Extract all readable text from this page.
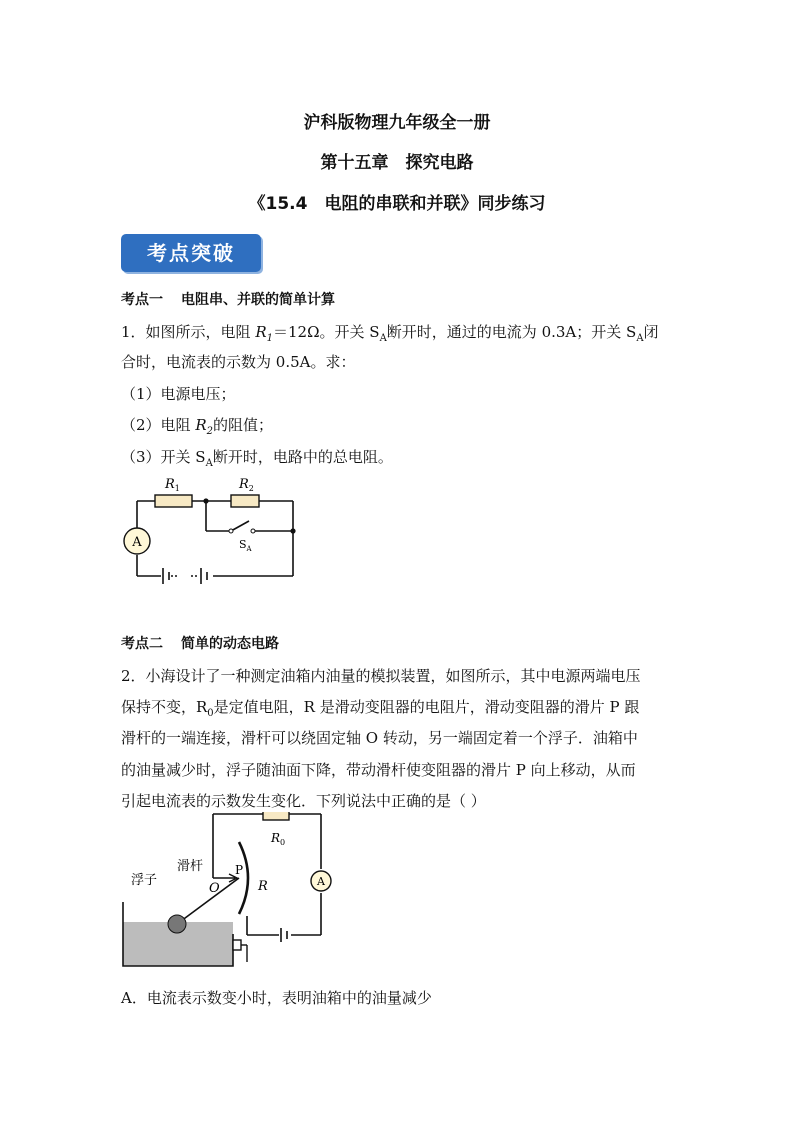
沪科版物理九年级全一册
第十五章　探究电路
《15.4　电阻的串联和并联》同步练习
考点突破
考点一 电阻串、并联的简单计算
1．如图所示，电阻 $R_1=12\Omega$。开关 $S_A$断开时，通过的电流为 0.3A；开关 $S_A$闭
合时，电流表的示数为 0.5A。求：
（1）电源电压；
（2）电阻 $R_2$的阻值；
（3）开关 $S_A$断开时，电路中的总电阻。
A
$R_1$	$R_2$
$S_A$
考点二 简单的动态电路
2．小海设计了一种测定油箱内油量的模拟装置，如图所示，其中电源两端电压
保持不变，$R_0$是定值电阻，R 是滑动变阻器的电阻片，滑动变阻器的滑片 P 跟
滑杆的一端连接，滑杆可以绕固定轴 O 转动，另一端固定着一个浮子．油箱中
的油量减少时，浮子随油面下降，带动滑杆使变阻器的滑片 P 向上移动，从而
引起电流表的示数发生变化．下列说法中正确的是（ ）
A
浮子
滑杆
O
P
R
$R_0$
A．电流表示数变小时，表明油箱中的油量减少
